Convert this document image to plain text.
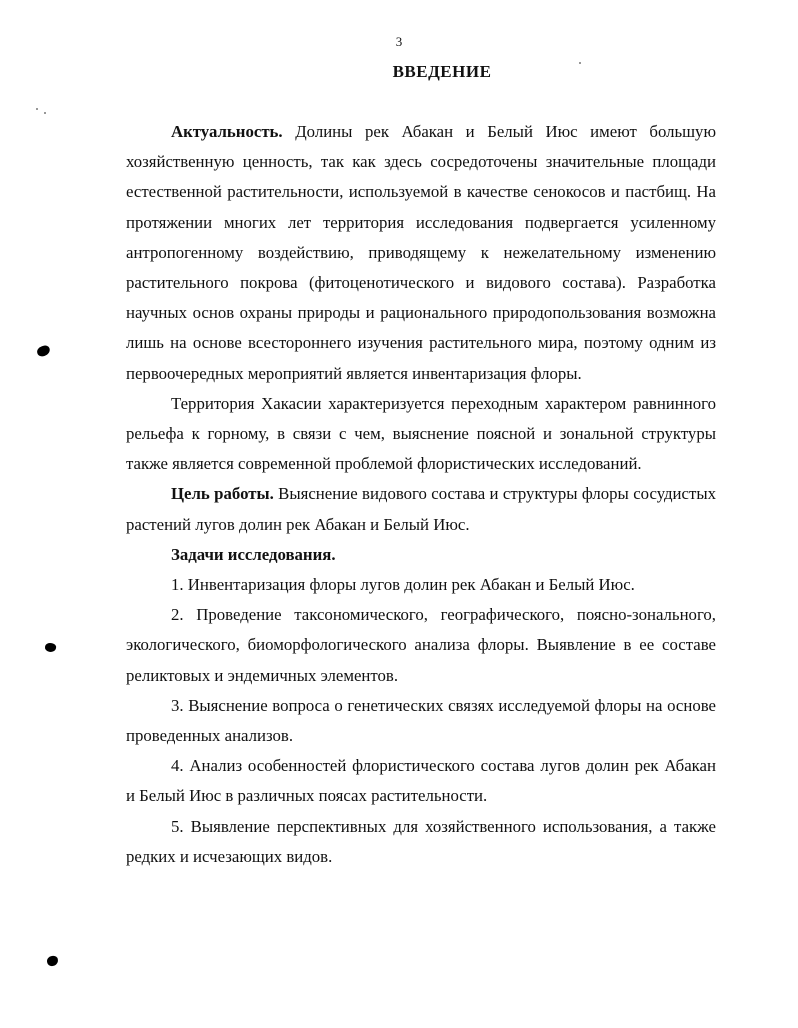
3
ВВЕДЕНИЕ

Актуальность. Долины рек Абакан и Белый Июс имеют большую хозяйственную ценность, так как здесь сосредоточены значительные площади естественной растительности, используемой в качестве сенокосов и пастбищ. На протяжении многих лет территория исследования подвергается усиленному антропогенному воздействию, приводящему к нежелательному изменению растительного покрова (фитоценотического и видового состава). Разработка научных основ охраны природы и рационального природопользования возможна лишь на основе всестороннего изучения растительного мира, поэтому одним из первоочередных мероприятий является инвентаризация флоры.

Территория Хакасии характеризуется переходным характером равнинного рельефа к горному, в связи с чем, выяснение поясной и зональной структуры также является современной проблемой флористических исследований.

Цель работы. Выяснение видового состава и структуры флоры сосудистых растений лугов долин рек Абакан и Белый Июс.

Задачи исследования.

1. Инвентаризация флоры лугов долин рек Абакан и Белый Июс.

2. Проведение таксономического, географического, поясно-зонального, экологического, биоморфологического анализа флоры. Выявление в ее составе реликтовых и эндемичных элементов.

3. Выяснение вопроса о генетических связях исследуемой флоры на основе проведенных анализов.

4. Анализ особенностей флористического состава лугов долин рек Абакан и Белый Июс в различных поясах растительности.

5. Выявление перспективных для хозяйственного использования, а также редких и исчезающих видов.
